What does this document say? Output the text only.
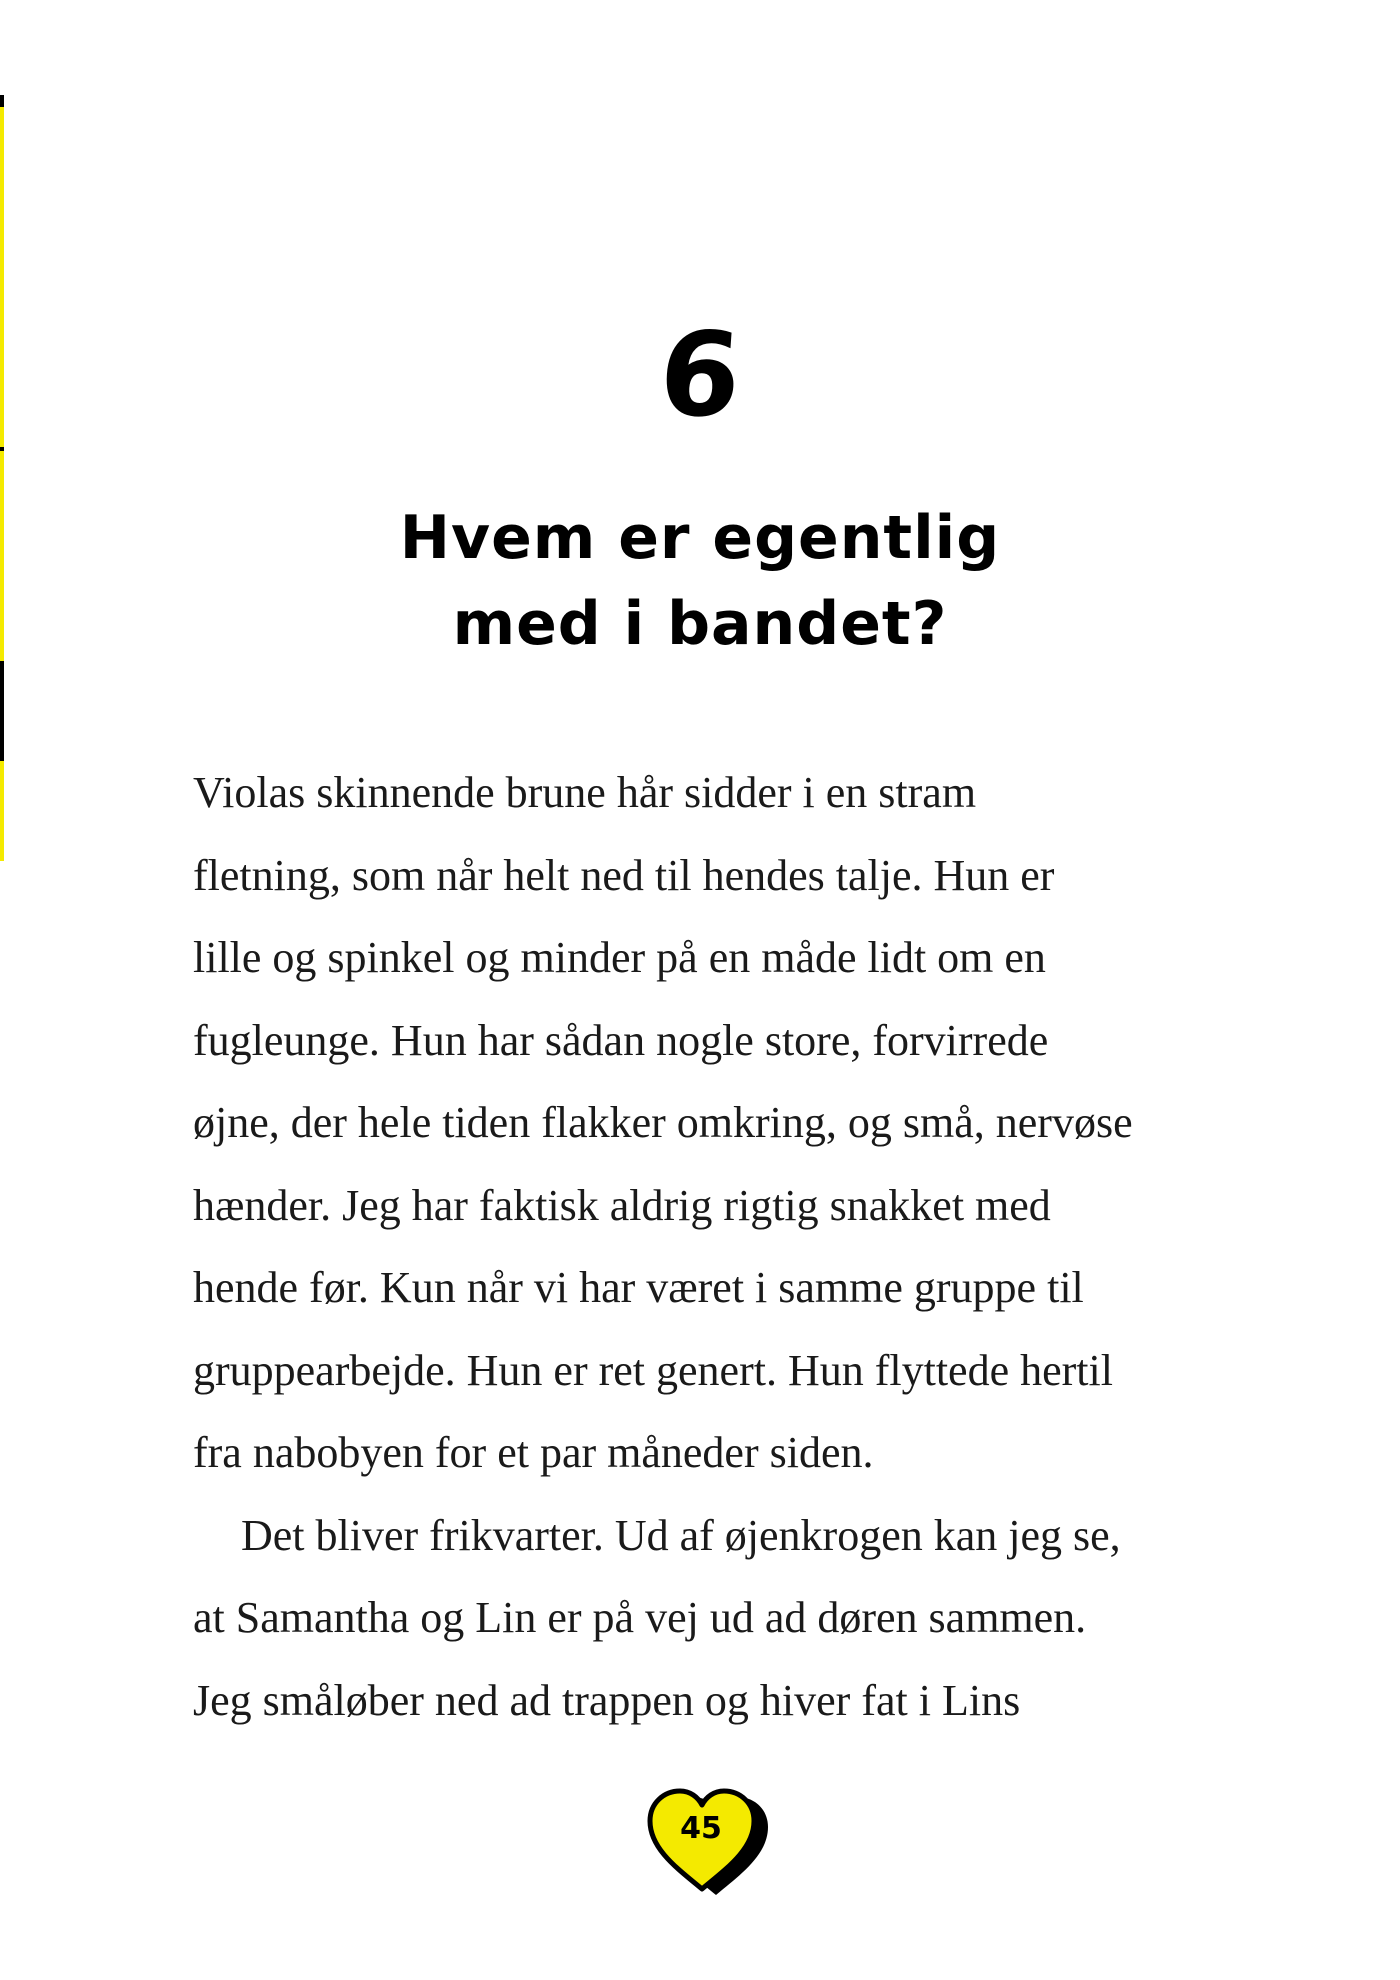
6
Hvem er egentlig
med i bandet?
Violas skinnende brune hår sidder i en stram
fletning, som når helt ned til hendes talje. Hun er
lille og spinkel og minder på en måde lidt om en
fugleunge. Hun har sådan nogle store, forvirrede
øjne, der hele tiden flakker omkring, og små, nervøse
hænder. Jeg har faktisk aldrig rigtig snakket med
hende før. Kun når vi har været i samme gruppe til
gruppearbejde. Hun er ret genert. Hun flyttede hertil
fra nabobyen for et par måneder siden.
Det bliver frikvarter. Ud af øjenkrogen kan jeg se,
at Samantha og Lin er på vej ud ad døren sammen.
Jeg småløber ned ad trappen og hiver fat i Lins
45
